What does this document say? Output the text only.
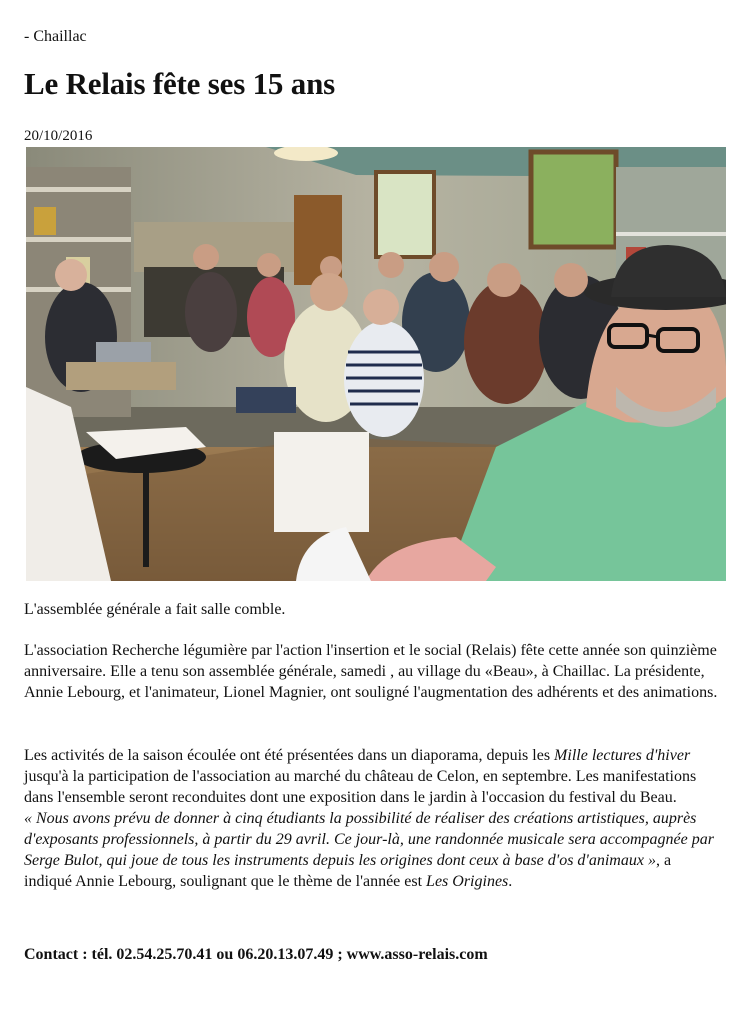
- Chaillac
Le Relais fête ses 15 ans
20/10/2016
L'assemblée générale a fait salle comble.

L'association Recherche légumière par l'action l'insertion et le social (Relais) fête cette année son quinzième anniversaire. Elle a tenu son assemblée générale, samedi , au village du «Beau», à Chaillac. La présidente, Annie Lebourg, et l'animateur, Lionel Magnier, ont souligné l'augmentation des adhérents et des animations.

Les activités de la saison écoulée ont été présentées dans un diaporama, depuis les Mille lectures d'hiver jusqu'à la participation de l'association au marché du château de Celon, en septembre. Les manifestations dans l'ensemble seront reconduites dont une exposition dans le jardin à l'occasion du festival du Beau.
« Nous avons prévu de donner à cinq étudiants la possibilité de réaliser des créations artistiques, auprès d'exposants professionnels, à partir du 29 avril. Ce jour-là, une randonnée musicale sera accompagnée par Serge Bulot, qui joue de tous les instruments depuis les origines dont ceux à base d'os d'animaux », a indiqué Annie Lebourg, soulignant que le thème de l'année est Les Origines.

Contact : tél. 02.54.25.70.41 ou 06.20.13.07.49 ; www.asso-relais.com
